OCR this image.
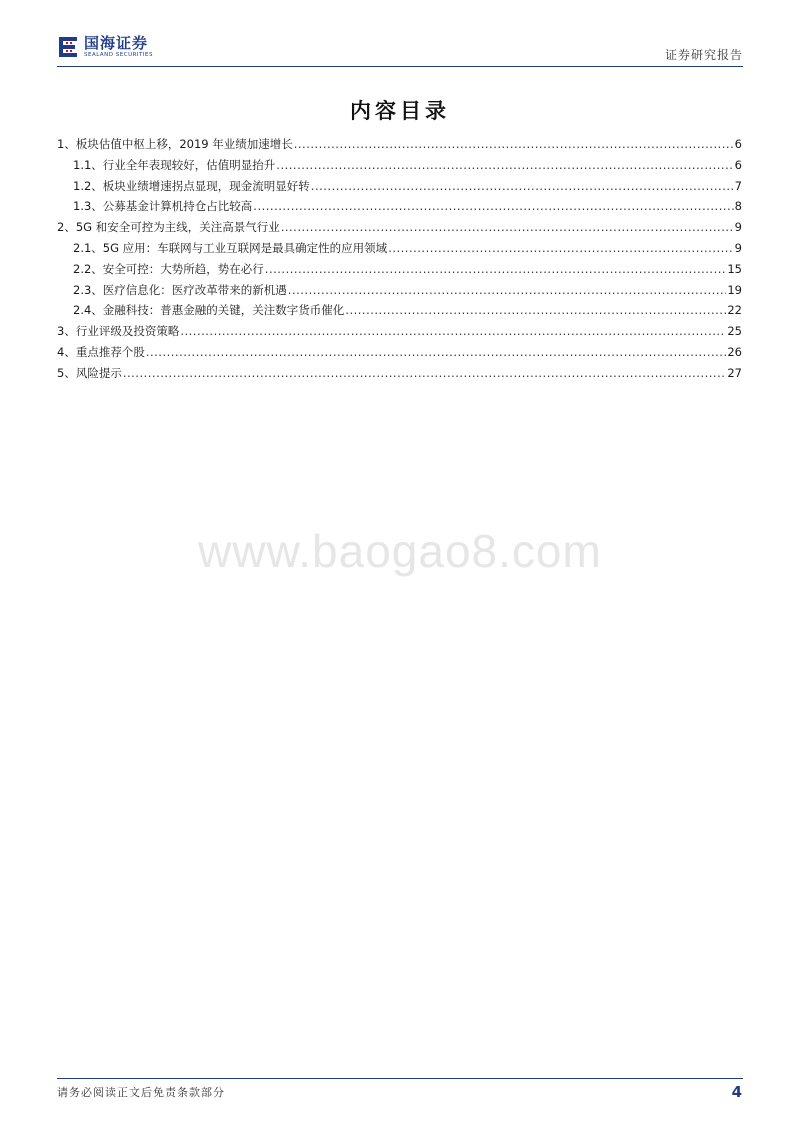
国海证券
SEALAND SECURITIES	证券研究报告
内容目录
1、 板块估值中枢上移，2019 年业绩加速增长 .....	6
1.1、 行业全年表现较好，估值明显抬升 .....	6
1.2、 板块业绩增速拐点显现，现金流明显好转 .....	7
1.3、 公募基金计算机持仓占比较高 .....	8
2、 5G 和安全可控为主线，关注高景气行业 .....	9
2.1、 5G 应用：车联网与工业互联网是最具确定性的应用领域 .....	9
2.2、 安全可控：大势所趋，势在必行 .....	15
2.3、 医疗信息化：医疗改革带来的新机遇 .....	19
2.4、 金融科技：普惠金融的关键，关注数字货币催化 .....	22
3、 行业评级及投资策略 .....	25
4、 重点推荐个股 .....	26
5、 风险提示 .....	27
www.baogao8.com
请务必阅读正文后免责条款部分	4
